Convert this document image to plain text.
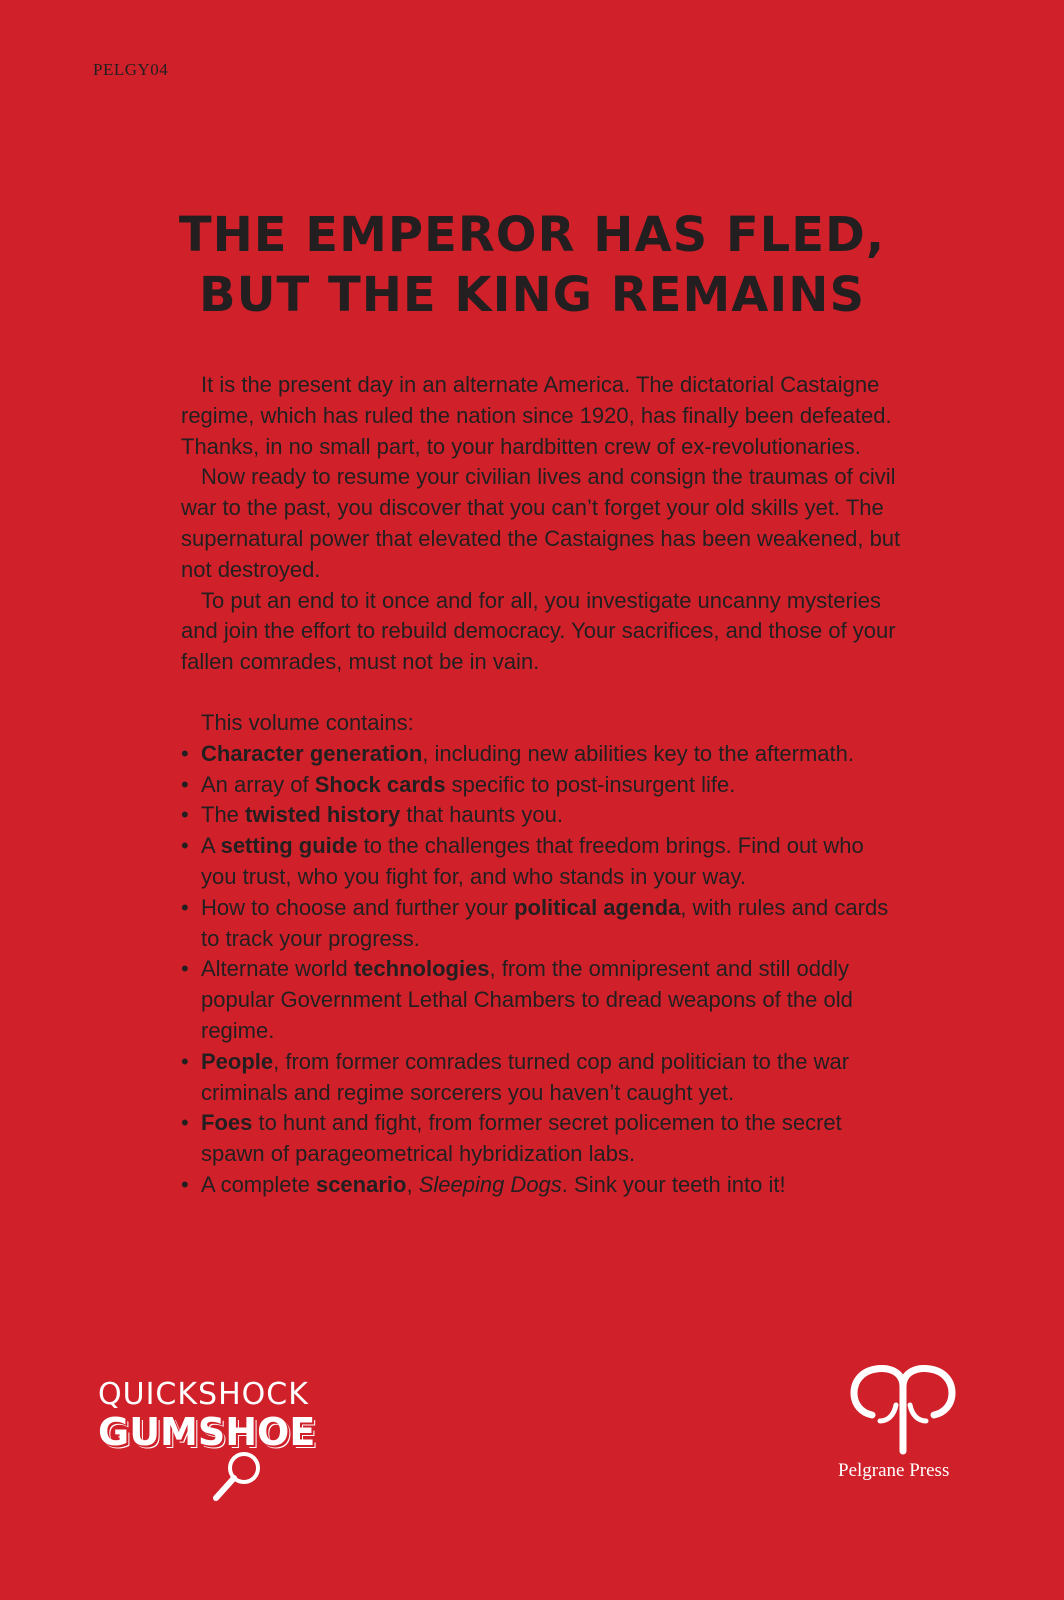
PELGY04
THE EMPEROR HAS FLED,
BUT THE KING REMAINS

It is the present day in an alternate America. The dictatorial Castaigne regime, which has ruled the nation since 1920, has finally been defeated. Thanks, in no small part, to your hardbitten crew of ex-revolutionaries.

Now ready to resume your civilian lives and consign the traumas of civil war to the past, you discover that you can’t forget your old skills yet. The supernatural power that elevated the Castaignes has been weakened, but not destroyed.

To put an end to it once and for all, you investigate uncanny mysteries and join the effort to rebuild democracy. Your sacrifices, and those of your fallen comrades, must not be in vain.

This volume contains:
• Character generation, including new abilities key to the aftermath.
• An array of Shock cards specific to post-insurgent life.
• The twisted history that haunts you.
• A setting guide to the challenges that freedom brings. Find out who you trust, who you fight for, and who stands in your way.
• How to choose and further your political agenda, with rules and cards to track your progress.
• Alternate world technologies, from the omnipresent and still oddly popular Government Lethal Chambers to dread weapons of the old regime.
• People, from former comrades turned cop and politician to the war criminals and regime sorcerers you haven’t caught yet.
• Foes to hunt and fight, from former secret policemen to the secret spawn of parageometrical hybridization labs.
• A complete scenario, Sleeping Dogs. Sink your teeth into it!
QUICKSHOCK
GUMSHOE
Pelgrane Press
